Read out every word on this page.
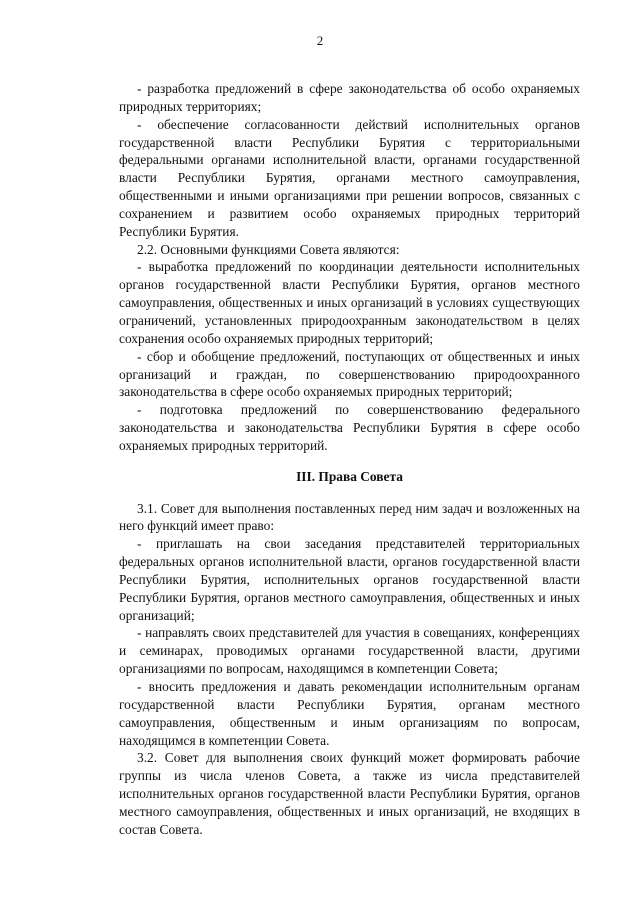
2

- разработка предложений в сфере законодательства об особо охраняемых природных территориях;

- обеспечение согласованности действий исполнительных органов государственной власти Республики Бурятия с территориальными федеральными органами исполнительной власти, органами государственной власти Республики Бурятия, органами местного самоуправления, общественными и иными организациями при решении вопросов, связанных с сохранением и развитием особо охраняемых природных территорий Республики Бурятия.

2.2. Основными функциями Совета являются:

- выработка предложений по координации деятельности исполнительных органов государственной власти Республики Бурятия, органов местного самоуправления, общественных и иных организаций в условиях существующих ограничений, установленных природоохранным законодательством в целях сохранения особо охраняемых природных территорий;

- сбор и обобщение предложений, поступающих от общественных и иных организаций и граждан, по совершенствованию природоохранного законодательства в сфере особо охраняемых природных территорий;

- подготовка предложений по совершенствованию федерального законодательства и законодательства Республики Бурятия в сфере особо охраняемых природных территорий.

III. Права Совета

3.1. Совет для выполнения поставленных перед ним задач и возложенных на него функций имеет право:

- приглашать на свои заседания представителей территориальных федеральных органов исполнительной власти, органов государственной власти Республики Бурятия, исполнительных органов государственной власти Республики Бурятия, органов местного самоуправления, общественных и иных организаций;

- направлять своих представителей для участия в совещаниях, конференциях и семинарах, проводимых органами государственной власти, другими организациями по вопросам, находящимся в компетенции Совета;

- вносить предложения и давать рекомендации исполнительным органам государственной власти Республики Бурятия, органам местного самоуправления, общественным и иным организациям по вопросам, находящимся в компетенции Совета.

3.2. Совет для выполнения своих функций может формировать рабочие группы из числа членов Совета, а также из числа представителей исполнительных органов государственной власти Республики Бурятия, органов местного самоуправления, общественных и иных организаций, не входящих в состав Совета.
